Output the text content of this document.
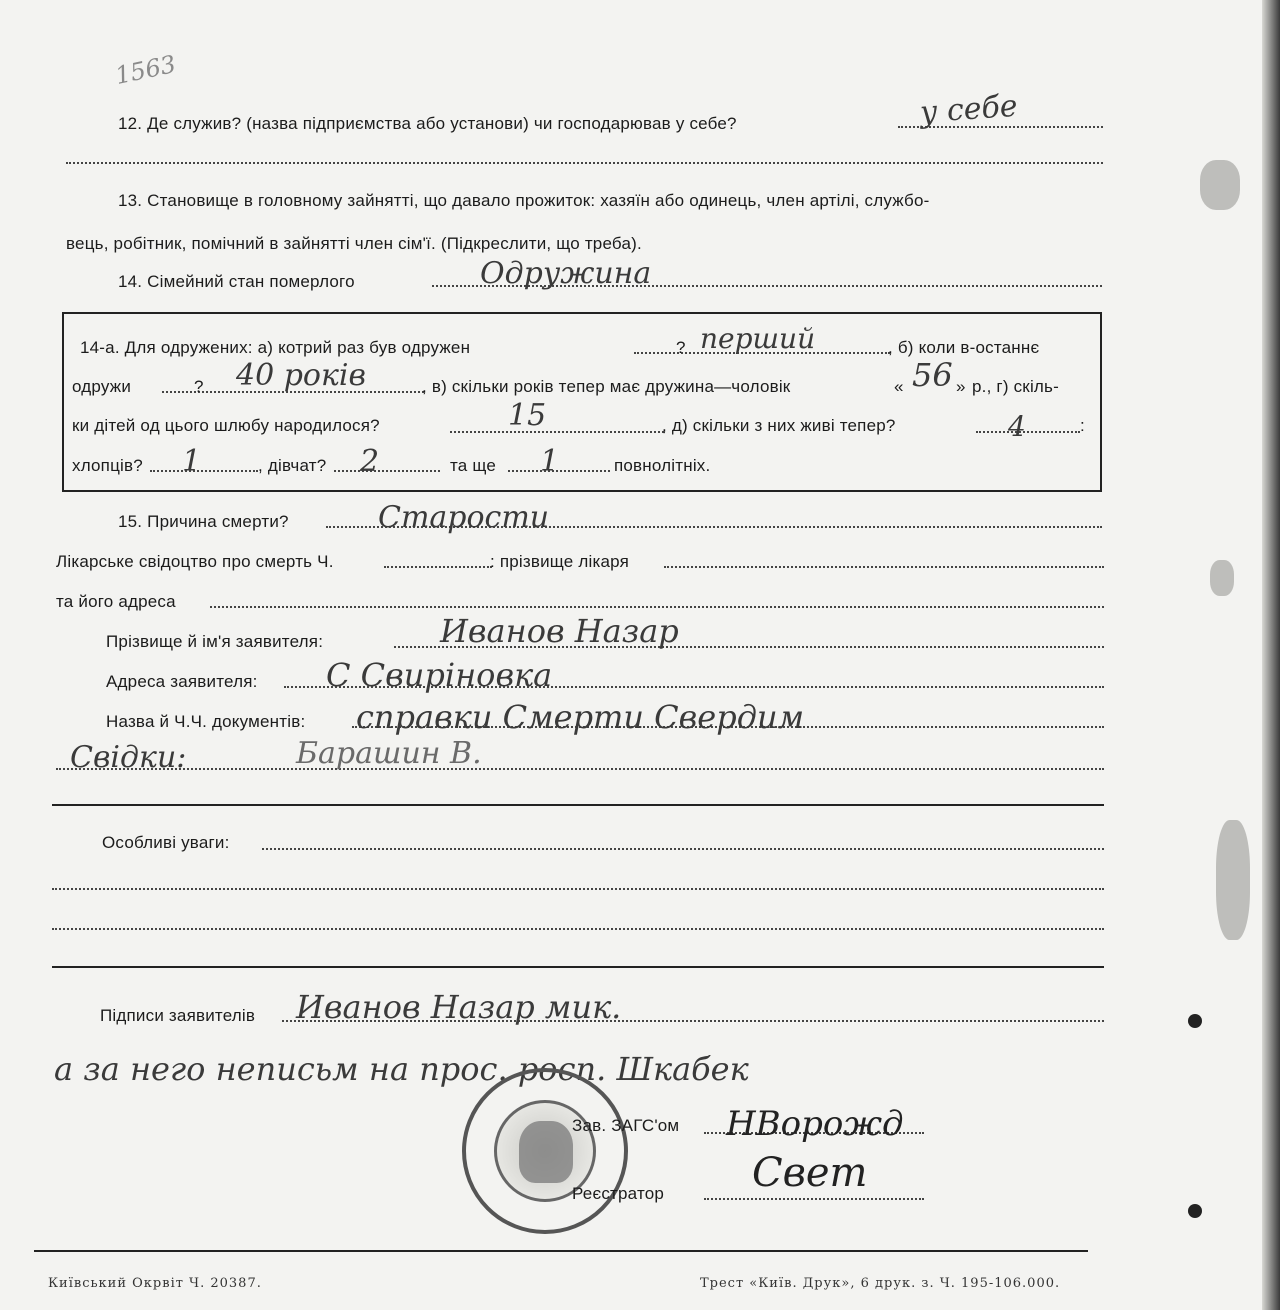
1563
12. Де служив? (назва підприємства або установи) чи господарював у себе?	у себе
13. Становище в головному зайнятті, що давало прожиток: хазяїн або одинець, член артілі, службо-
вець, робітник, помічний в зайнятті член сім'ї. (Підкреслити, що треба).
14. Сімейний стан померлого	Одружина
14-а. Для одружених: а) котрий раз був одружен	? перший	, б) коли в-останнє
одружи	? 40 років	, в) скільки років тепер має дружина—чоловік	« 56 » р., г) скіль-
ки дітей од цього шлюбу народилося?	15	, д) скільки з них живі тепер?	4	:
хлопців? 1	, дівчат? 2	та ще 1	повнолітніх.
15. Причина смерти?	Старости
Лікарське свідоцтво про смерть Ч.	: прізвище лікаря
та його адреса
Прізвище й ім'я заявителя:	Иванов Назар
Адреса заявителя: С Свиріновка
Назва й Ч.Ч. документів: справки Смерти Свердим
Свідки:	Барашин В.
Особливі уваги:
Підписи заявителів Иванов Назар мик.
а за него неписьм на прос. росп. Шкабек
Зав. ЗАГС'ом НВорожд
Реєстратор Свет
Київський Окрвіт Ч. 20387.	Трест «Київ. Друк», 6 друк. з. Ч. 195-106.000.
